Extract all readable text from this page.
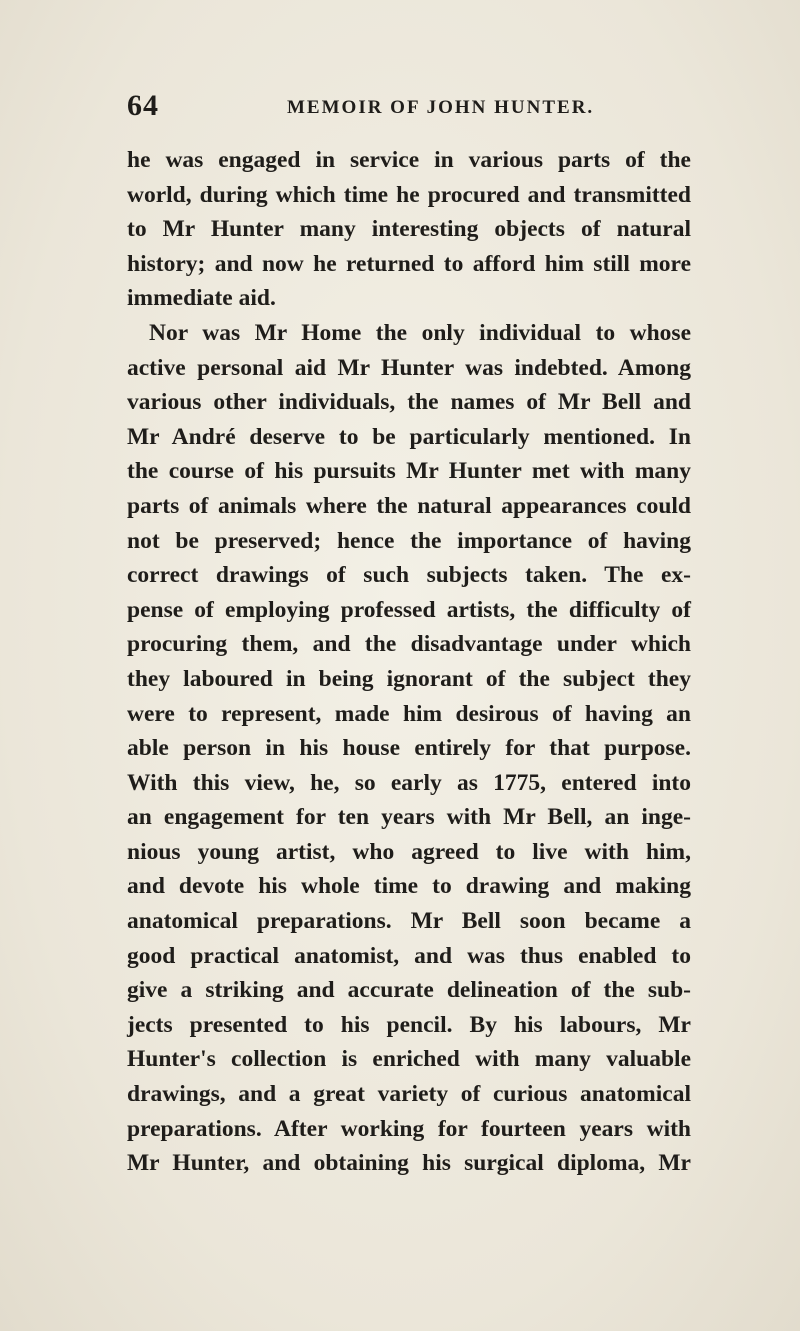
64	MEMOIR OF JOHN HUNTER.
he was engaged in service in various parts of the
world, during which time he procured and transmitted
to Mr Hunter many interesting objects of natural
history; and now he returned to afford him still more
immediate aid.
Nor was Mr Home the only individual to whose
active personal aid Mr Hunter was indebted. Among
various other individuals, the names of Mr Bell and
Mr André deserve to be particularly mentioned. In
the course of his pursuits Mr Hunter met with many
parts of animals where the natural appearances could
not be preserved; hence the importance of having
correct drawings of such subjects taken. The ex-
pense of employing professed artists, the difficulty of
procuring them, and the disadvantage under which
they laboured in being ignorant of the subject they
were to represent, made him desirous of having an
able person in his house entirely for that purpose.
With this view, he, so early as 1775, entered into
an engagement for ten years with Mr Bell, an inge-
nious young artist, who agreed to live with him,
and devote his whole time to drawing and making
anatomical preparations. Mr Bell soon became a
good practical anatomist, and was thus enabled to
give a striking and accurate delineation of the sub-
jects presented to his pencil. By his labours, Mr
Hunter's collection is enriched with many valuable
drawings, and a great variety of curious anatomical
preparations. After working for fourteen years with
Mr Hunter, and obtaining his surgical diploma, Mr
